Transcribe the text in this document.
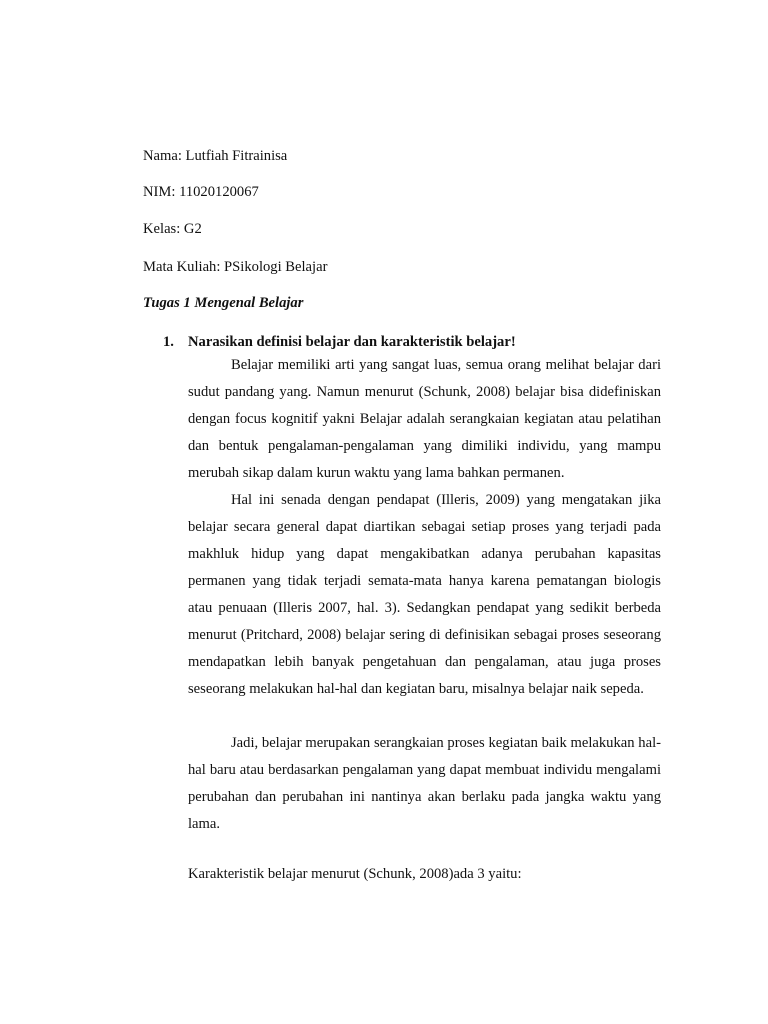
Nama: Lutfiah Fitrainisa
NIM: 11020120067
Kelas: G2
Mata Kuliah: PSikologi Belajar
Tugas 1 Mengenal Belajar
1. Narasikan definisi belajar dan karakteristik belajar!

Belajar memiliki arti yang sangat luas, semua orang melihat belajar dari sudut pandang yang. Namun menurut (Schunk, 2008) belajar bisa didefiniskan dengan focus kognitif yakni Belajar adalah serangkaian kegiatan atau pelatihan dan bentuk pengalaman-pengalaman yang dimiliki individu, yang mampu merubah sikap dalam kurun waktu yang lama bahkan permanen.

Hal ini senada dengan pendapat (Illeris, 2009) yang mengatakan jika belajar secara general dapat diartikan sebagai setiap proses yang terjadi pada makhluk hidup yang dapat mengakibatkan adanya perubahan kapasitas permanen yang tidak terjadi semata-mata hanya karena pematangan biologis atau penuaan (Illeris 2007, hal. 3). Sedangkan pendapat yang sedikit berbeda menurut (Pritchard, 2008) belajar sering di definisikan sebagai proses seseorang mendapatkan lebih banyak pengetahuan dan pengalaman, atau juga proses seseorang melakukan hal-hal dan kegiatan baru, misalnya belajar naik sepeda.

Jadi, belajar merupakan serangkaian proses kegiatan baik melakukan hal-hal baru atau berdasarkan pengalaman yang dapat membuat individu mengalami perubahan dan perubahan ini nantinya akan berlaku pada jangka waktu yang lama.

Karakteristik belajar menurut (Schunk, 2008)ada 3 yaitu:
